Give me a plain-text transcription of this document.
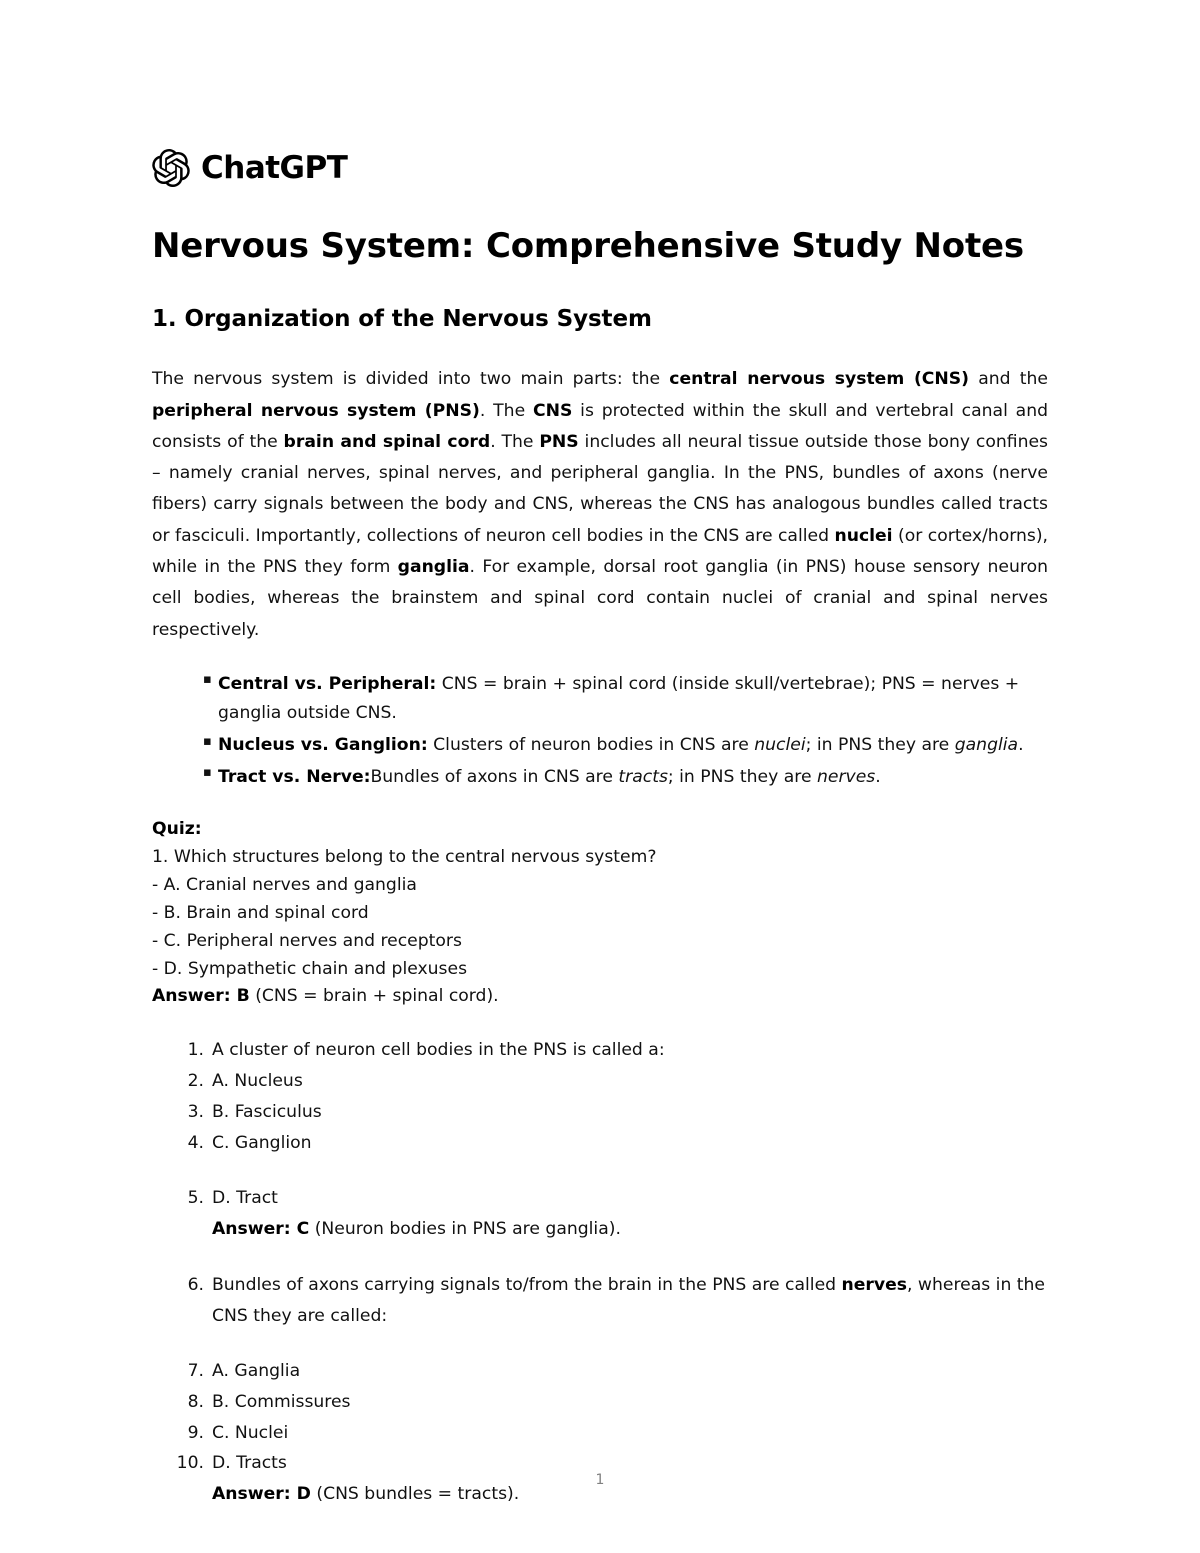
ChatGPT
Nervous System: Comprehensive Study Notes
1. Organization of the Nervous System

The nervous system is divided into two main parts: the central nervous system (CNS) and the peripheral nervous system (PNS). The CNS is protected within the skull and vertebral canal and consists of the brain and spinal cord. The PNS includes all neural tissue outside those bony confines – namely cranial nerves, spinal nerves, and peripheral ganglia. In the PNS, bundles of axons (nerve fibers) carry signals between the body and CNS, whereas the CNS has analogous bundles called tracts or fasciculi. Importantly, collections of neuron cell bodies in the CNS are called nuclei (or cortex/horns), while in the PNS they form ganglia. For example, dorsal root ganglia (in PNS) house sensory neuron cell bodies, whereas the brainstem and spinal cord contain nuclei of cranial and spinal nerves respectively.

▪ Central vs. Peripheral: CNS = brain + spinal cord (inside skull/vertebrae); PNS = nerves + ganglia outside CNS.
▪ Nucleus vs. Ganglion: Clusters of neuron bodies in CNS are nuclei; in PNS they are ganglia.
▪ Tract vs. Nerve:Bundles of axons in CNS are tracts; in PNS they are nerves.
Quiz:
1. Which structures belong to the central nervous system?
- A. Cranial nerves and ganglia
- B. Brain and spinal cord
- C. Peripheral nerves and receptors
- D. Sympathetic chain and plexuses
Answer: B (CNS = brain + spinal cord).
1. A cluster of neuron cell bodies in the PNS is called a:
2. A. Nucleus
3. B. Fasciculus
4. C. Ganglion
5. D. Tract
Answer: C (Neuron bodies in PNS are ganglia).
6. Bundles of axons carrying signals to/from the brain in the PNS are called nerves, whereas in the CNS they are called:
7. A. Ganglia
8. B. Commissures
9. C. Nuclei
10. D. Tracts
Answer: D (CNS bundles = tracts).
1
